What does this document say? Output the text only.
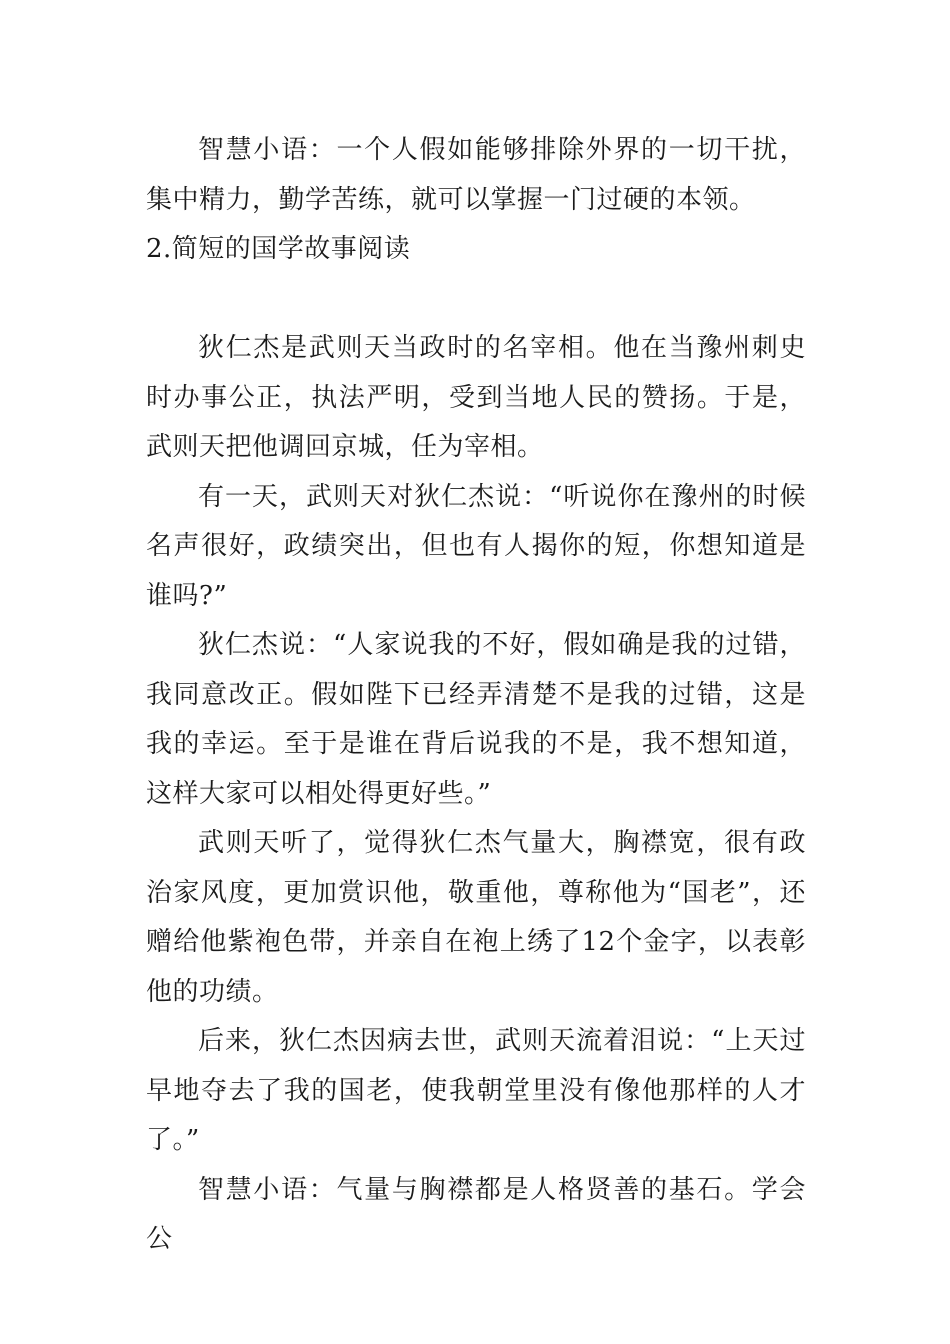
智慧小语：一个人假如能够排除外界的一切干扰，集中精力，勤学苦练，就可以掌握一门过硬的本领。

2.简短的国学故事阅读

狄仁杰是武则天当政时的名宰相。他在当豫州刺史时办事公正，执法严明，受到当地人民的赞扬。于是，武则天把他调回京城，任为宰相。

有一天，武则天对狄仁杰说：“听说你在豫州的时候名声很好，政绩突出，但也有人揭你的短，你想知道是谁吗?”

狄仁杰说：“人家说我的不好，假如确是我的过错，我同意改正。假如陛下已经弄清楚不是我的过错，这是我的幸运。至于是谁在背后说我的不是，我不想知道，这样大家可以相处得更好些。”

武则天听了，觉得狄仁杰气量大，胸襟宽，很有政治家风度，更加赏识他，敬重他，尊称他为“国老”，还赠给他紫袍色带，并亲自在袍上绣了12个金字，以表彰他的功绩。

后来，狄仁杰因病去世，武则天流着泪说：“上天过早地夺去了我的国老，使我朝堂里没有像他那样的人才了。”

智慧小语：气量与胸襟都是人格贤善的基石。学会公
